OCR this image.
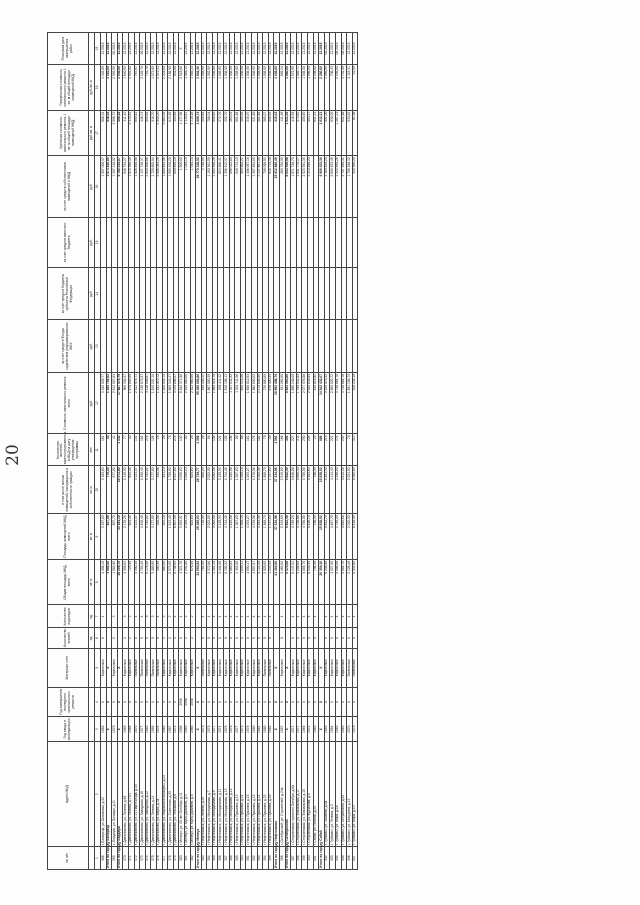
20
№ п/п	Адрес МКД	Год ввода в эксплуатацию	Год завершения последнего капитального ремонта	Материал стен	Количество этажей	Количество подъездов	Общая площадь МКД, всего	Площадь помещений МКД всего	в том числе жилых помещений, находящихся в собственности граждан	Количество жителей, зарегистрированных в МКД на дату утверждения программы	Стоимость капитального ремонта всего	за счет средств Фонда содействия реформированию ЖКХ	за счет средств бюджета субъекта Российской Федерации	за счет средств местного бюджета	за счет средств собственников помещений в МКД	Удельная стоимость капитального ремонта 1 кв. м общей площади помещений МКД	Предельная стоимость капитального ремонта 1 кв. м общей площади помещений МКД	Плановая дата завершения работ
					ед.	ед.	кв. м	кв. м	кв. м	чел.	руб.	руб.	руб.	руб.	руб.	руб./кв. м	руб./кв. м	
1	2	3	4	5	6	7	8	9	10	11	12	13	14	15	16	17	18	19
368	г. Белорецк, ул. Школьная, д.32	1982	X	Кирпичные	5	4	4 496,10	3 237,80	3 180,60	161	3 102 529,77				1 957 009,37	688,34	1 432,00	12.2015
Итого по городу Белорецк		X	X	X			1 965,40	927,90	779,40	43	1 254 706,62				1 073 830,80	638,34	1 252,00	12.2015
369	с. Бердяуш, ул. Бочкаря, д.11	1979	X	Кирпичные	2	3	1 082,90	657,70	577,50	41	2 812 027,63				1 307 218,02	2 596,70	2 593,00	08.2015
Итого по городу Бердяуш		X	X	X			38 206,70	33 181,10	29 372,80	1 432	17 887 576,79				9 780 034,07	468,18	1 536,00	12.2015
370	г. Давлеканово, ул. Ленина, д.69	1969	X	Кирпичные	2	3	3 099,83	2 178,26	2 149,00	77	965 304,57				848 794,27	311,40	1 640,00	12.2015
371	г. Давлеканово, ул. Ленина, д.71/1	1968	X	Кирпичные	2	2	725,40	624,46	624,46	32	1 679 893,59				1 578 968,45	2 315,81	2 851,52	12.2015
372	г. Давлеканово, ул. 21 Партсъезда, д.45	1970	X	Панельные	5	4	3 350,10	3 121,47	3 121,47	131	2 312 975,71				1 526 855,05	690,42	767,97	12.2015
373	г. Давлеканово, ул. Заводская, д.18	1977	X	Панельные	5	4	4 783,20	4 408,49	4 408,49	184	2 136 872,97				1 137 728,37	446,74	3 329,70	06.2015
374	г. Давлеканово, ул. Заводская, д.22	1982	X	Панельные	5	5	6 176,50	5 792,82	5 792,82	278	3 116 958,67				2 840 508,66	504,64	716,75	12.2015
375	г. Давлеканово, ул. Ленина, д.14	1989	X	Панельные	5	3	3 489,90	3 177,90	3 177,90	126	1 810 207,10				1 725 693,54	518,70	1 873,95	12.2015
376	г. Давлеканово, ул. Мира, д.7а	1976	X	Панельные	5	4	390,30	355,96	355,96	16	1 151 070,72				2 088 093,25	2 949,20	2 972,41	12.2015
377	г. Давлеканово, ул. Парижской Коммуны, д.23	1962	X	Кирпичные	2	2	580,50	531,10	531,10	29	1 209 933,74				1 850 693,96	2 084,35	2 224,60	12.2015
378	г. Давлеканово, ул. Советская, д.20	1967	X	Кирпичные	2	2	2 072,85	1 813,40	1 750,90	79	1 689 343,27				1 093 439,25	813,99	2 186,55	12.2015
379	г. Давлеканово, ул. Тельмана, д.6	1974	X	Кирпичные	5	4	8 708,94	6 607,39	6 537,84	278	3 079 896,07				890 650,19	353,65	931,55	12.2015
380	г. Мелеуз, ул. 40 лет Октября, д.11	1996	2008	Кирпичные	5	4	4 021,70	3 353,91	3 030,80	140	5 942 371,98				1 500,88	1 477,58	2 518,66	X
381	г. Мелеуз, ул. Мусы Джалиля, д.3	1963	2008	Кирпичные	2	2	2 241,80	2 029,10	2 029,10	92	2 510 060,00				1 045,14	1 119,67	1 045,14	12.2015
382	г. Мелеуз, ул. Мусы Джалиля, д.5	1964	2008	Кирпичные	2	2	676,40	624,60	624,60	29	2 512 960,00				1 045,14	3 715,18	1 045,14	12.2015
Итого по городу Мелеуз		X	X	X			33 093,52	29 285,03	28 739,77	1 358	55 256 093,80				39 775 228,52	1 669,74	1 904,40	12.2015
383	г. Нефтекамск, ул. Ленина, д.20	1975	X	Панельные	5	4	764,50	718,00	685,20	28	195 440,12				2 786,95	255,64	1 038,00	12.2015
384	г. Нефтекамск, ул. Молодежная, д.7	1975	X	Кирпичные	5	4	2 372,86	2 023,00	2 023,00	94	1 867 050,39				1 190 361,00	786,04	1 032,00	12.2015
385	г. Нефтекамск, ул. Молодежная, д.9	1977	X	Кирпичные	5	4	3 281,10	3 092,58	3 092,58	138	1 659 018,78				1 503 950,29	505,62	1 038,00	12.2015
386	г. Нефтекамск, ул. Молодежная, д.11	1974	X	Кирпичные	5	4	3 444,05	3 125,03	3 125,03	124	939 411,42				824 888,41	272,76	1 038,00	12.2015
387	г. Нефтекамск, ул. Молодежная, д.13	1976	X	Кирпичные	5	4	5 190,22	4 744,48	4 744,48	195	1 519 196,13				1 356 912,07	292,70	1 038,00	12.2015
388	г. Нефтекамск, ул. Молодежная, д.15	1975	X	Кирпичные	5	4	3 869,93	3 492,96	3 492,96	146	1 017 811,22				896 022,84	263,01	1 038,00	12.2015
389	г. Нефтекамск, ул. Пушкина, д.12	1977	X	Кирпичные	5	4	1 493,05	1 387,80	1 387,80	56	1 032 711,06				940 712,10	691,68	1 038,00	12.2015
390	г. Нефтекамск, ул. Пушкина, д.14	1979	X	Кирпичные	5	4	1 699,11	1 550,16	1 550,16	68	655 078,26				580 862,21	385,53	1 038,00	12.2015
391	г. Нефтекамск, ул. Пушкина, д.15	1979	X	Кирпичные	5	4	4 650,17	4 203,27	4 203,27	181	1 608 812,93				1 456 097,19	345,97	1 038,00	12.2015
392	г. Нефтекамск, ул. Пушкина, д.19	1980	X	Кирпичные	5	4	4 857,97	4 378,06	4 378,06	176	1 562 600,02				1 357 954,89	321,65	1 038,00	12.2015
393	г. Нефтекамск, ул. Пушкина, д.21	1981	X	Кирпичные	5	4	4 722,28	4 292,48	4 292,48	182	2 275 608,55				2 137 667,39	481,89	1 038,00	12.2015
394	г. Нефтекамск, ул. Пушкина, д.23	1980	X	Панельные	5	4	2 025,93	1 888,70	1 888,70	78	729 880,89				709 059,53	360,27	1 038,00	12.2015
395	г. Нефтекамск, ул. Пушкина, д.29	1982	X	Панельные	5	4	1 233,20	1 137,90	1 137,90	49	676 450,34				618 734,35	548,53	1 038,00	12.2015
Итого по городу Нефтекамск		X	X	X			41 304,50	37 434,98	37 434,98	1 591	16 952 498,76				15 612 880,46	410,43	1 038,00	12.2015
396	г. Октябрьский, ул. Строителей, д.24а	1987	X	Кирпичные	5	4	3 463,02	2 910,60	2 910,60	166	491 260,60				280 760,00	141,86	869,24	12.2015
Итого по городу Октябрьский		X	X	X			6 470,08	5 842,39	5 842,39	301	9 843 563,80				8 043 569,98	1 521,44	1 680,00	12.2015
397	г. Стерлитамак, проспект Октября, д.6а	1971	X	Кирпичные	5	4	8 147,51	4 799,20	4 648,86	227	1 898 248,00				1 871 728,79	416,59	1 572,90	12.2015
398	г. Стерлитамак, ул. Вокзальная, д.17	1977	X	Кирпичные	5	4	3 296,65	4 758,66	4 669,30	211	1 799 541,84				1 601 770,17	373,62	1 028,77	12.2015
399	г. Стерлитамак, ул. Вокзальная, д.15	1969	X	Кирпичные	5	4	5 885,70	4 756,58	4 756,58	200	2 077 076,86				2 023 991,39	455,60	1 538,55	12.2015
400	г. Стерлитамак, ул. Курчатова, д.5	1972	X	Кирпичные	5	4	6 045,99	5 426,14	5 383,60	228	2 528 638,80				3 210 898,24	493,17	1 596,00	12.2015
401	г. Сибай, ул. Ленина, д.20	1983	X	Кирпичные	5	4	706,30	706,30	706,30	23	445 819,92					631,21	2 336,52	12.2015
Итого по городу Сибай		X	X	X			20 356,10	15 838,52	15 838,52	686	14 542 432,07				4 600 023,36	1 612,21	2 280,00	12.2015
402	г. Туймазы, ул. Чапаева, д.5а	1983	X	Кирпичные	5	4	6 248,59	5 632,70	4 491,30	215	3 329 075,32				3 160 834,24	591,00	1 595,00	09.2015
403	г. Туймазы, ул. Ленина, д.3	1984	X	Кирпичные	5	4	4 927,90	4 467,70	4 114,40	221	2 865 520,72				2 609 823,46	638,00	706,43	12.2015
404	г. Туймазы, ул. Мира, д.1а	1983	X	Кирпичные	5	4	5 096,08	3 790,40	2 256,50	174	3 738 664,78				3 322 895,26	1 267,13	2 538,84	08.2015
405	г. Туймазы, ул. Островского, д.32	1983	X	Кирпичные	5	4	5 584,70	4 692,68	3 813,49	203	3 738 664,78				3 757 559,31	621,88	3 701,40	08.2015
406	г. Туймазы, ул. Мичурина, д.12	1970	X	Панельные	5	4	2 126,40	2 032,00	2 031,50	79	1 891 186,70				1 786 486,32	930,82	3 118,31	12.2015
407	г. Туймазы, ул. Мира, д.10	1979	X	Панельные	5	4	8 532,80	8 416,50	4 092,60	312	518 248,10				325 995,28	61,58	22,00	12.2015
